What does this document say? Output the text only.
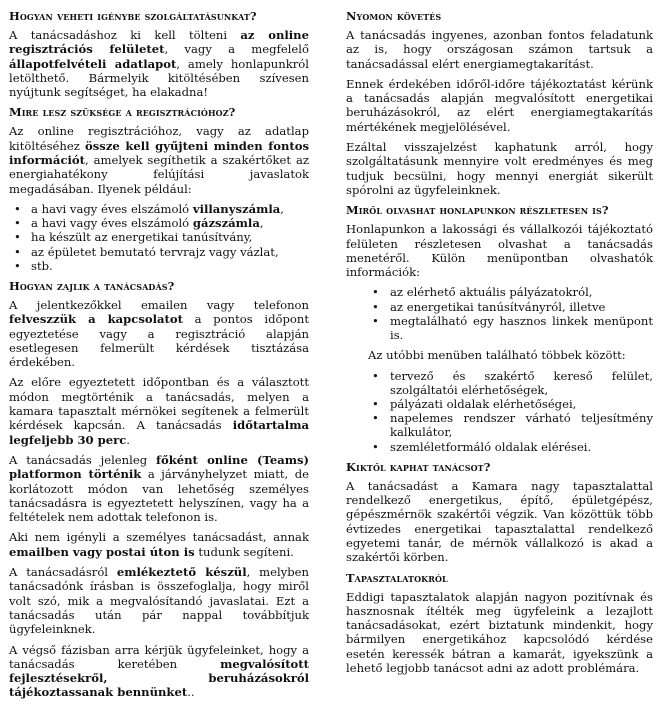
Hogyan veheti igénybe szolgáltatásunkat?

A tanácsadáshoz ki kell tölteni az online regisztrációs felületet, vagy a megfelelő állapotfelvételi adatlapot, amely honlapunkról letölthető. Bármelyik kitöltésében szívesen nyújtunk segítséget, ha elakadna!

Mire lesz szüksége a regisztrációhoz?

Az online regisztrációhoz, vagy az adatlap kitöltéséhez össze kell gyűjteni minden fontos információt, amelyek segíthetik a szakértőket az energiahatékony felújítási javaslatok megadásában. Ilyenek például:

• a havi vagy éves elszámoló villanyszámla,
• a havi vagy éves elszámoló gázszámla,
• ha készült az energetikai tanúsítvány,
• az épületet bemutató tervrajz vagy vázlat,
• stb.
Hogyan zajlik a tanácsadás?

A jelentkezőkkel emailen vagy telefonon felveszzük a kapcsolatot a pontos időpont egyeztetése vagy a regisztráció alapján esetlegesen felmerült kérdések tisztázása érdekében.

Az előre egyeztetett időpontban és a választott módon megtörténik a tanácsadás, melyen a kamara tapasztalt mérnökei segítenek a felmerült kérdések kapcsán. A tanácsadás időtartalma legfeljebb 30 perc.

A tanácsadás jelenleg főként online (Teams) platformon történik a járványhelyzet miatt, de korlátozott módon van lehetőség személyes tanácsadásra is egyeztetett helyszínen, vagy ha a feltételek nem adottak telefonon is.

Aki nem igényli a személyes tanácsadást, annak emailben vagy postai úton is tudunk segíteni.

A tanácsadásról emlékeztető készül, melyben tanácsadónk írásban is összefoglalja, hogy miről volt szó, mik a megvalósítandó javaslatai. Ezt a tanácsadás után pár nappal továbbítjuk ügyfeleinknek.

A végső fázisban arra kérjük ügyfeleinket, hogy a tanácsadás keretében megvalósított fejlesztésekről, beruházásokról tájékoztassanak bennünket..

Nyomon követés

A tanácsadás ingyenes, azonban fontos feladatunk az is, hogy országosan számon tartsuk a tanácsadással elért energiamegtakarítást.

Ennek érdekében időről-időre tájékoztatást kérünk a tanácsadás alapján megvalósított energetikai beruházásokról, az elért energiamegtakarítás mértékének megjelölésével.

Ezáltal visszajelzést kaphatunk arról, hogy szolgáltatásunk mennyire volt eredményes és meg tudjuk becsülni, hogy mennyi energiát sikerült spórolni az ügyfeleinknek.

Miről olvashat honlapunkon részletesen is?

Honlapunkon a lakossági és vállalkozói tájékoztató felületen részletesen olvashat a tanácsadás menetéről. Külön menüpontban olvashatók információk:

• az elérhető aktuális pályázatokról,
• az energetikai tanúsítványról, illetve
• megtalálható egy hasznos linkek menüpont is.

Az utóbbi menüben található többek között:

• tervező és szakértő kereső felület, szolgáltatói elérhetőségek,
• pályázati oldalak elérhetőségei,
• napelemes rendszer várható teljesítmény kalkulátor,
• szemléletformáló oldalak elérései.
Kiktől kaphat tanácsot?

A tanácsadást a Kamara nagy tapasztalattal rendelkező energetikus, építő, épületgépész, gépészmérnök szakértői végzik. Van közöttük több évtizedes energetikai tapasztalattal rendelkező egyetemi tanár, de mérnök vállalkozó is akad a szakértői körben.

Tapasztalatokról

Eddigi tapasztalatok alapján nagyon pozitívnak és hasznosnak ítélték meg ügyfeleink a lezajlott tanácsadásokat, ezért biztatunk mindenkit, hogy bármilyen energetikához kapcsolódó kérdése esetén keressék bátran a kamarát, igyekszünk a lehető legjobb tanácsot adni az adott problémára.
